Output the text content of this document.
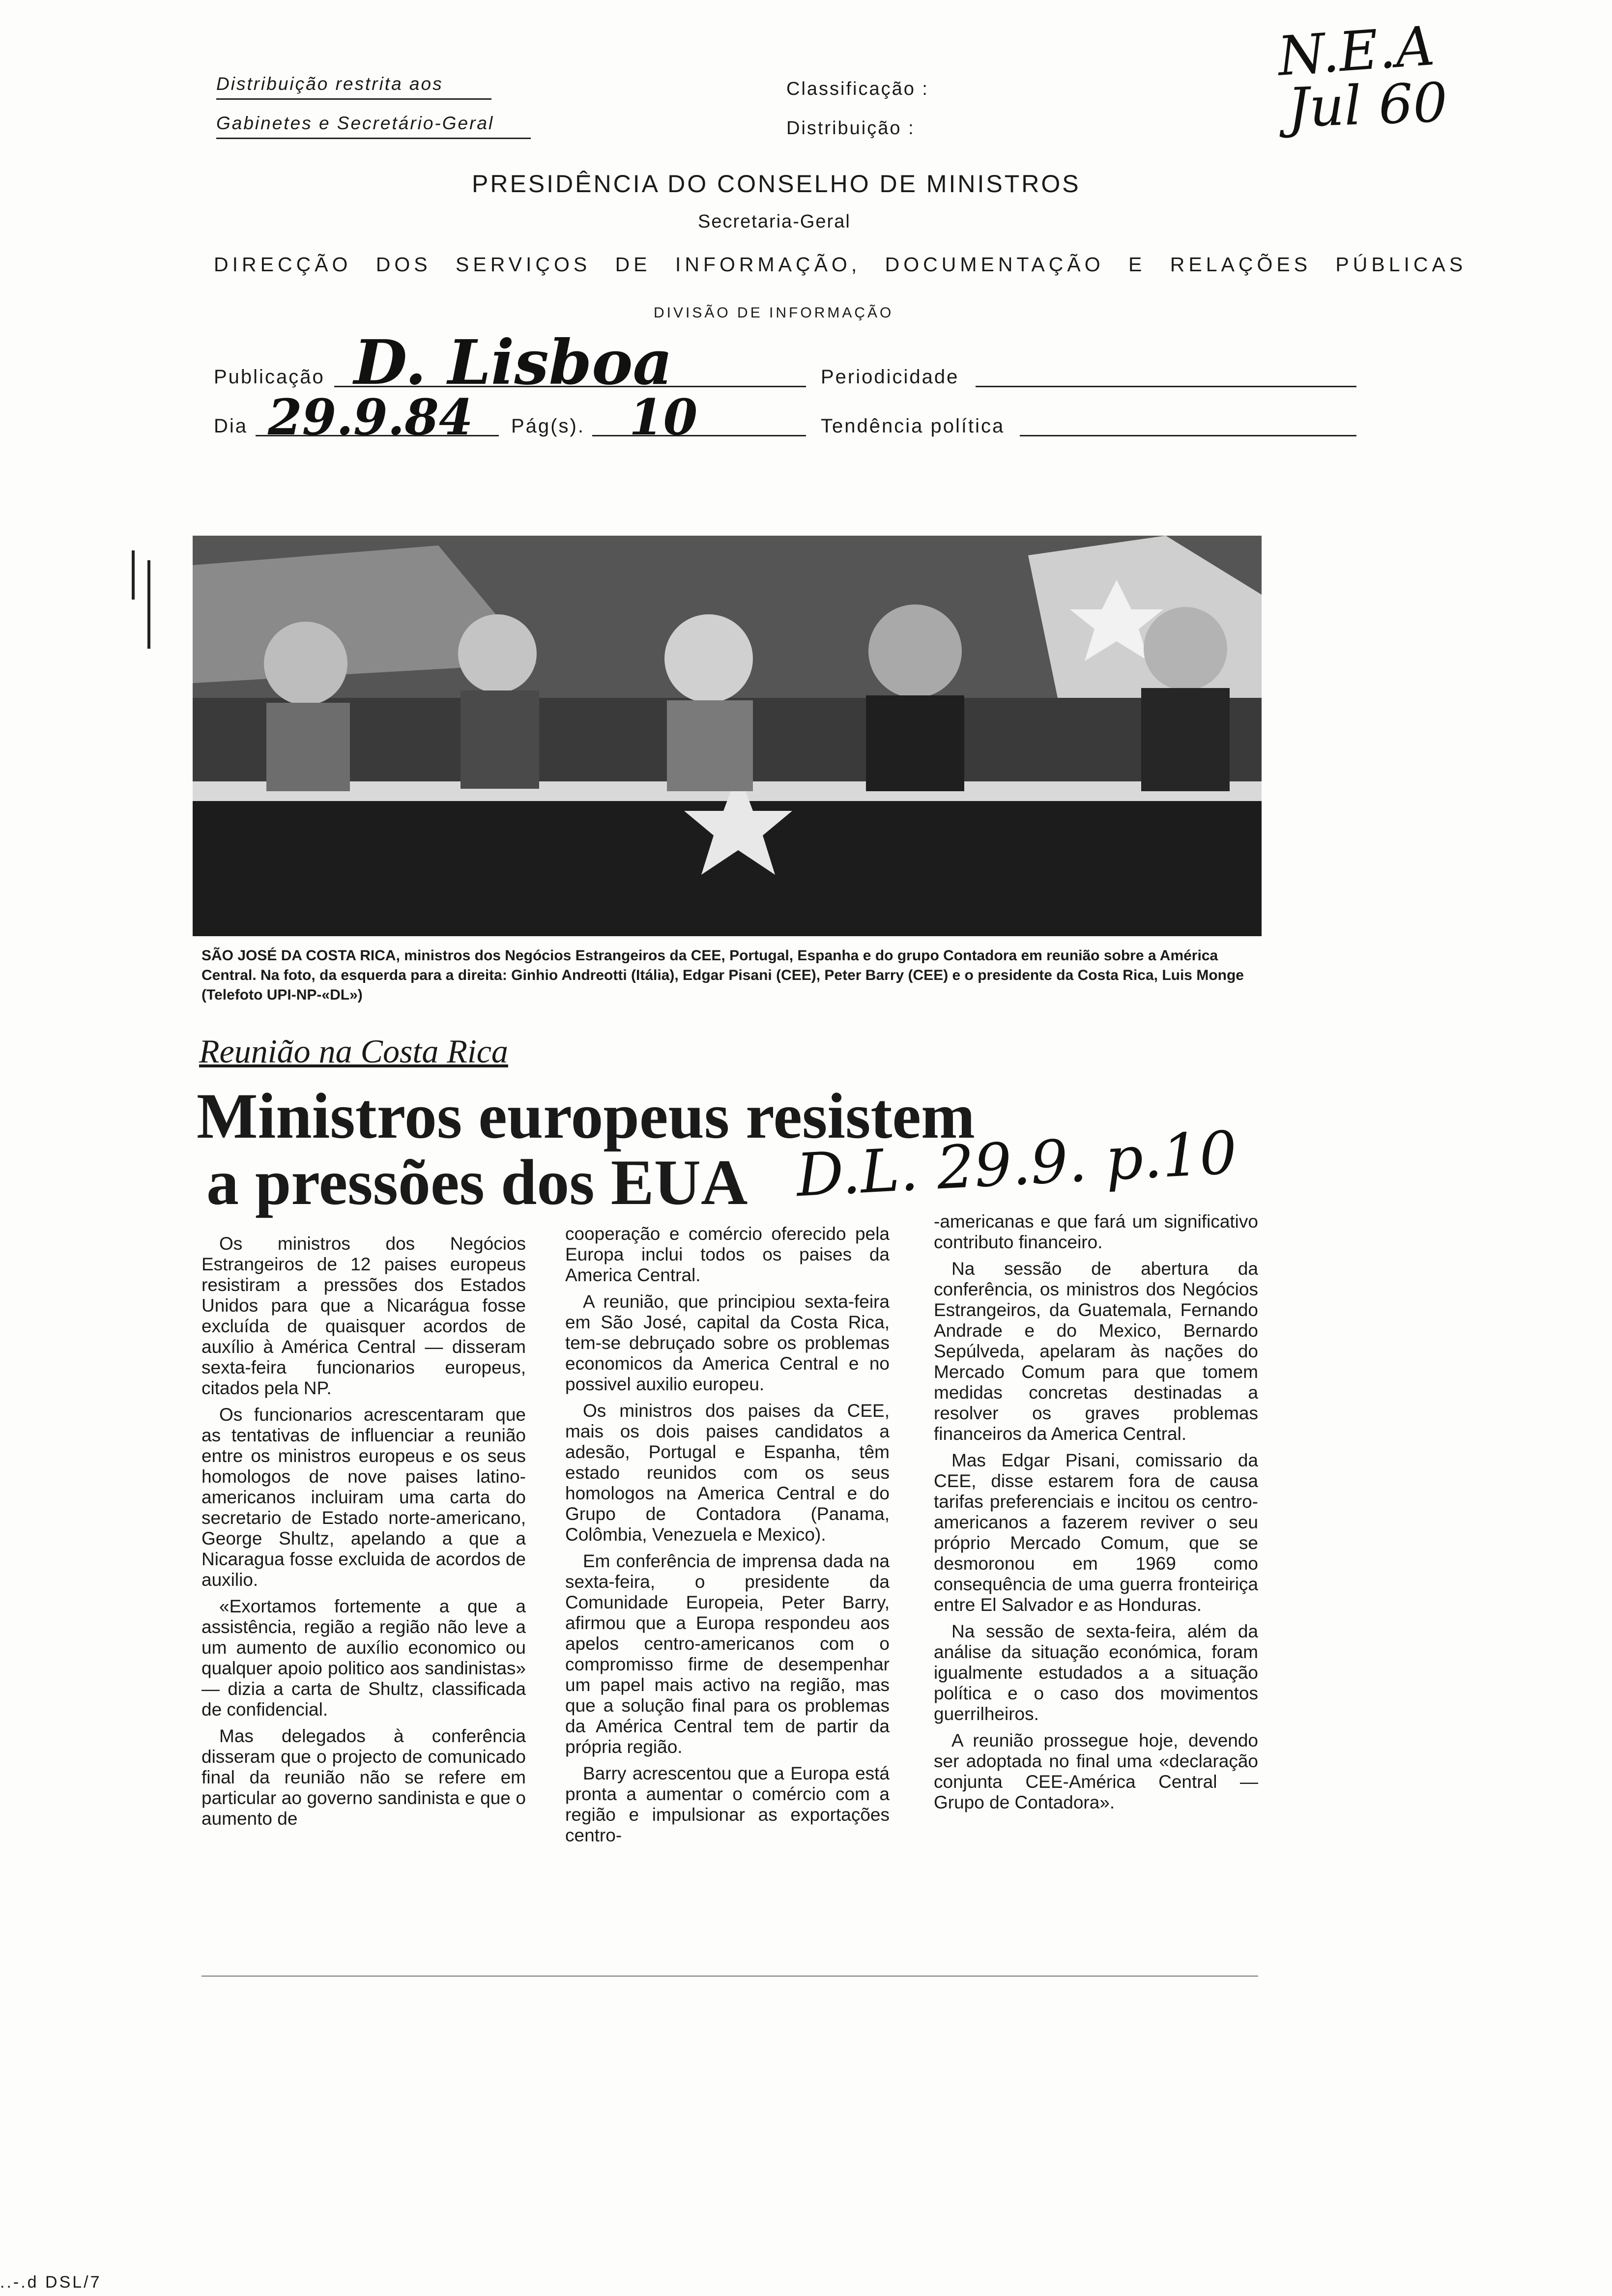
Distribuição restrita aos
Gabinetes e Secretário-Geral
Classificação :
Distribuição :
PRESIDÊNCIA DO CONSELHO DE MINISTROS
Secretaria-Geral
DIRECÇÃO DOS SERVIÇOS DE INFORMAÇÃO, DOCUMENTAÇÃO E RELAÇÕES PÚBLICAS
DIVISÃO DE INFORMAÇÃO
N.E.A
Jul 60
Publicação D. Lisboa	Periodicidade
Dia 29.9.84 Pág(s). 10	Tendência política
SÃO JOSÉ DA COSTA RICA, ministros dos Negócios Estrangeiros da CEE, Portugal, Espanha e do grupo Contadora em reunião sobre a América Central. Na foto, da esquerda para a direita: Ginhio Andreotti (Itália), Edgar Pisani (CEE), Peter Barry (CEE) e o presidente da Costa Rica, Luis Monge (Telefoto UPI-NP-«DL»)
Reunião na Costa Rica
Ministros europeus resistem
a pressões dos EUA D.L. 29.9. p.10

Os ministros dos Negócios Estrangeiros de 12 paises europeus resistiram a pressões dos Estados Unidos para que a Nicarágua fosse excluída de quaisquer acordos de auxílio à América Central — disseram sexta-feira funcionarios europeus, citados pela NP.

Os funcionarios acrescentaram que as tentativas de influenciar a reunião entre os ministros europeus e os seus homologos de nove paises latino-americanos incluiram uma carta do secretario de Estado norte-americano, George Shultz, apelando a que a Nicaragua fosse excluida de acordos de auxilio.

«Exortamos fortemente a que a assistência, região a região não leve a um aumento de auxílio economico ou qualquer apoio politico aos sandinistas» — dizia a carta de Shultz, classificada de confidencial.

Mas delegados à conferência disseram que o projecto de comunicado final da reunião não se refere em particular ao governo sandinista e que o aumento de

cooperação e comércio oferecido pela Europa inclui todos os paises da America Central.

A reunião, que principiou sexta-feira em São José, capital da Costa Rica, tem-se debruçado sobre os problemas economicos da America Central e no possivel auxilio europeu.

Os ministros dos paises da CEE, mais os dois paises candidatos a adesão, Portugal e Espanha, têm estado reunidos com os seus homologos na America Central e do Grupo de Contadora (Panama, Colômbia, Venezuela e Mexico).

Em conferência de imprensa dada na sexta-feira, o presidente da Comunidade Europeia, Peter Barry, afirmou que a Europa respondeu aos apelos centro-americanos com o compromisso firme de desempenhar um papel mais activo na região, mas que a solução final para os problemas da América Central tem de partir da própria região.

Barry acrescentou que a Europa está pronta a aumentar o comércio com a região e impulsionar as exportações centro-

-americanas e que fará um significativo contributo financeiro.

Na sessão de abertura da conferência, os ministros dos Negócios Estrangeiros, da Guatemala, Fernando Andrade e do Mexico, Bernardo Sepúlveda, apelaram às nações do Mercado Comum para que tomem medidas concretas destinadas a resolver os graves problemas financeiros da America Central.

Mas Edgar Pisani, comissario da CEE, disse estarem fora de causa tarifas preferenciais e incitou os centro-americanos a fazerem reviver o seu próprio Mercado Comum, que se desmoronou em 1969 como consequência de uma guerra fronteiriça entre El Salvador e as Honduras.

Na sessão de sexta-feira, além da análise da situação económica, foram igualmente estudados a a situação política e o caso dos movimentos guerrilheiros.

A reunião prossegue hoje, devendo ser adoptada no final uma «declaração conjunta CEE-América Central — Grupo de Contadora».

..-.d DSL/7
